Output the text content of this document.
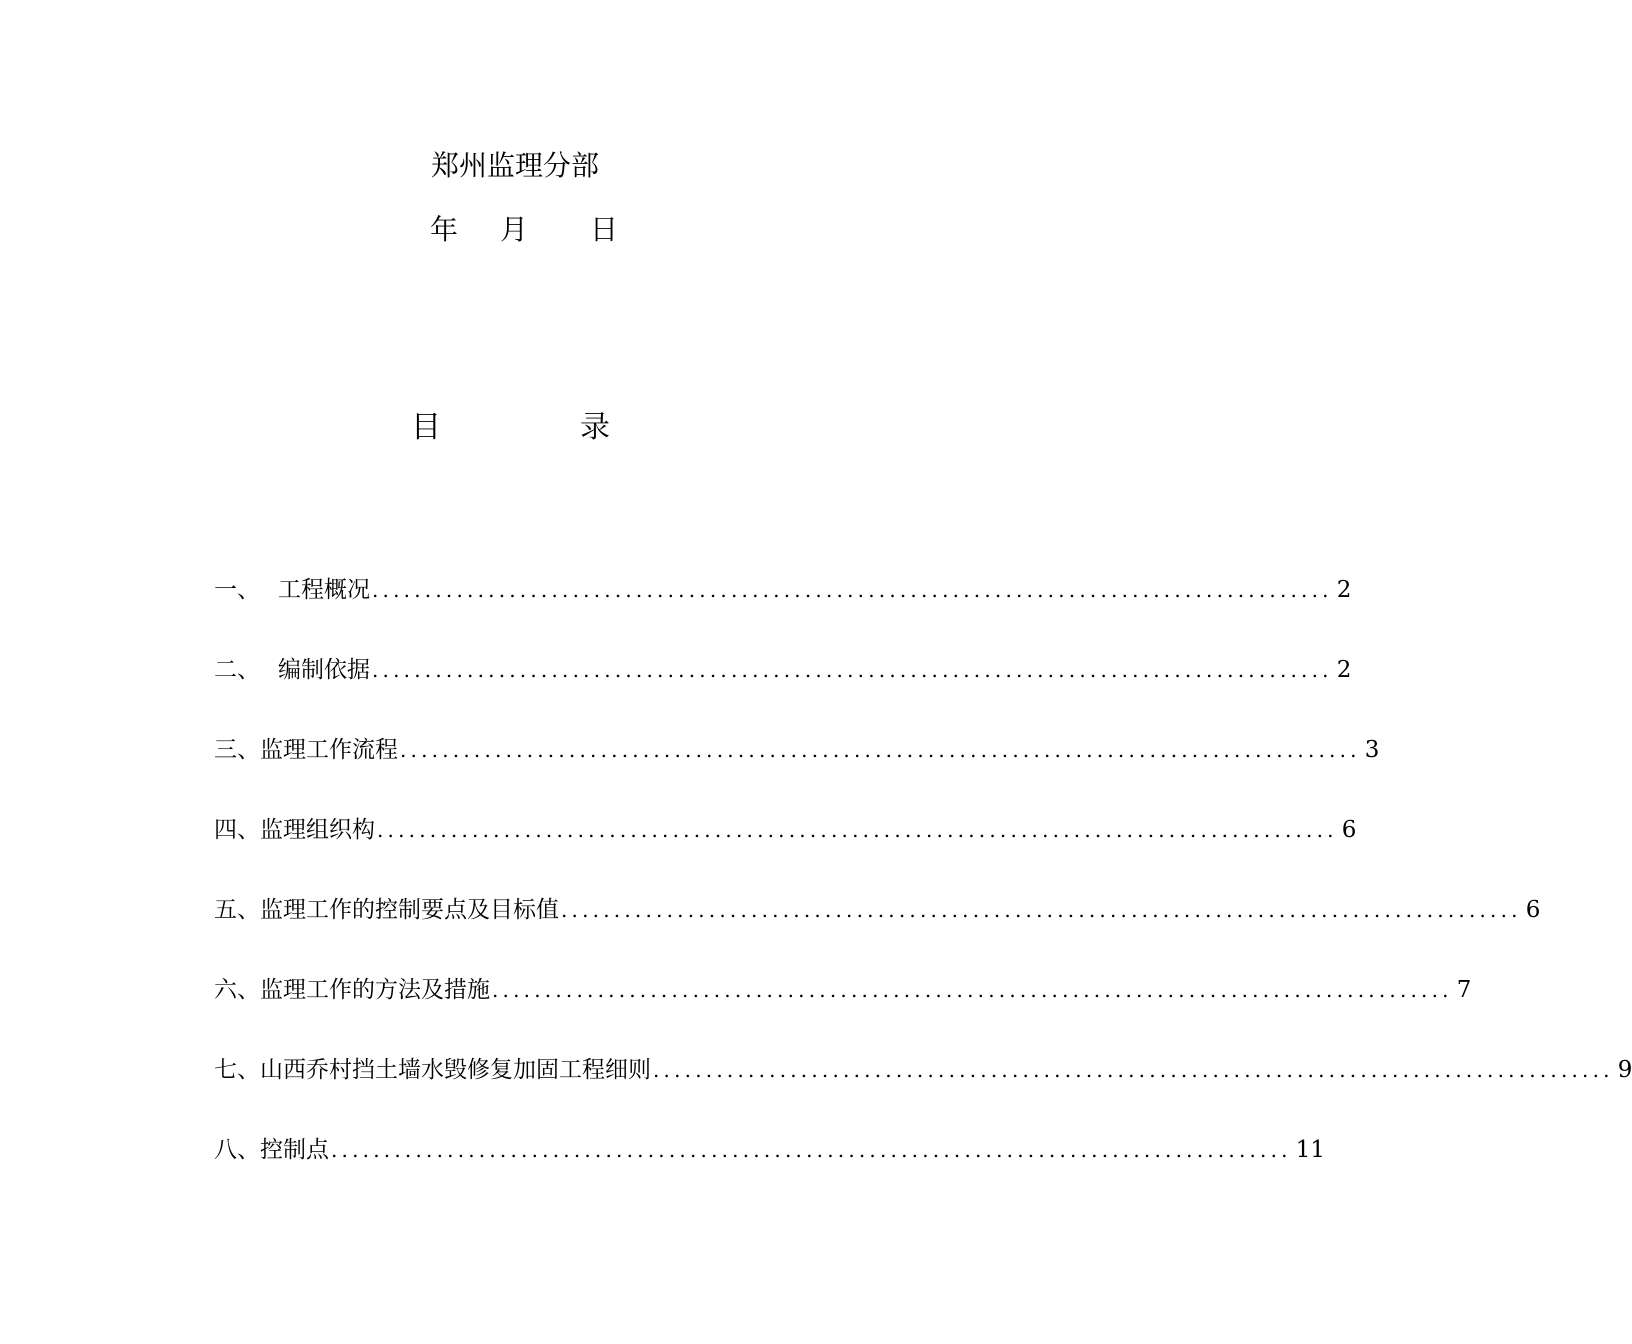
郑州监理分部
年 月 日
目	录
一、 工程概况 ........................................................................................... 2
二、 编制依据 ........................................................................................... 2
三、 监理工作流程 ........................................................................................... 3
四、 监理组织构 ........................................................................................... 6
五、 监理工作的控制要点及目标值 ........................................................................................... 6
六、 监理工作的方法及措施 ........................................................................................... 7
七、 山西乔村挡土墙水毁修复加固工程细则 ........................................................................................... 9
八、 控制点 ........................................................................................... 11
